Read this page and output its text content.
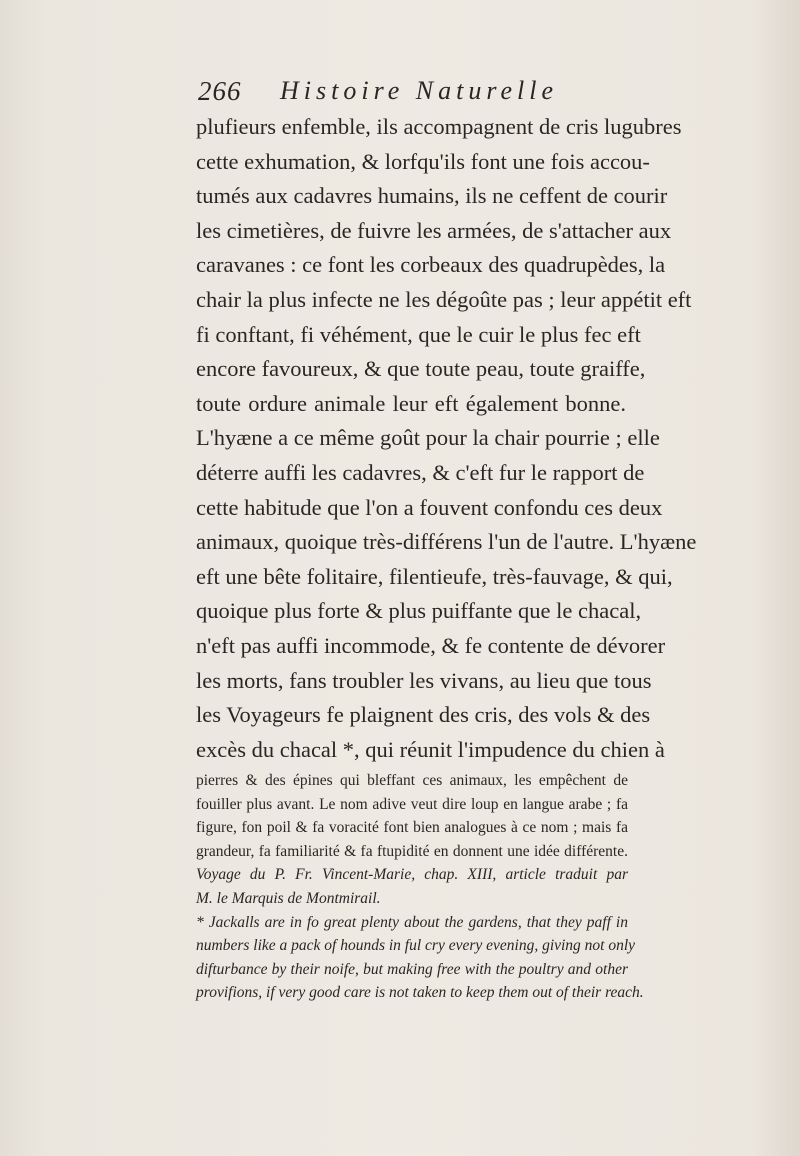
266 Histoire Naturelle
plufieurs enfemble, ils accompagnent de cris lugubres
cette exhumation, & lorfqu'ils font une fois accou-
tumés aux cadavres humains, ils ne ceffent de courir
les cimetières, de fuivre les armées, de s'attacher aux
caravanes : ce font les corbeaux des quadrupèdes, la
chair la plus infecte ne les dégoûte pas ; leur appétit eft
fi conftant, fi véhément, que le cuir le plus fec eft
encore favoureux, & que toute peau, toute graiffe,
toute ordure animale leur eft également bonne.
L'hyæne a ce même goût pour la chair pourrie ; elle
déterre auffi les cadavres, & c'eft fur le rapport de
cette habitude que l'on a fouvent confondu ces deux
animaux, quoique très-différens l'un de l'autre. L'hyæne
eft une bête folitaire, filentieufe, très-fauvage, & qui,
quoique plus forte & plus puiffante que le chacal,
n'eft pas auffi incommode, & fe contente de dévorer
les morts, fans troubler les vivans, au lieu que tous
les Voyageurs fe plaignent des cris, des vols & des
excès du chacal *, qui réunit l'impudence du chien à
pierres & des épines qui bleffant ces animaux, les empêchent de
fouiller plus avant. Le nom adive veut dire loup en langue arabe ; fa
figure, fon poil & fa voracité font bien analogues à ce nom ; mais fa
grandeur, fa familiarité & fa ftupidité en donnent une idée différente.
Voyage du P. Fr. Vincent-Marie, chap. XIII, article traduit par
M. le Marquis de Montmirail.
* Jackalls are in fo great plenty about the gardens, that they paff in
numbers like a pack of hounds in ful cry every evening, giving not only
difturbance by their noife, but making free with the poultry and other
provifions, if very good care is not taken to keep them out of their reach.
